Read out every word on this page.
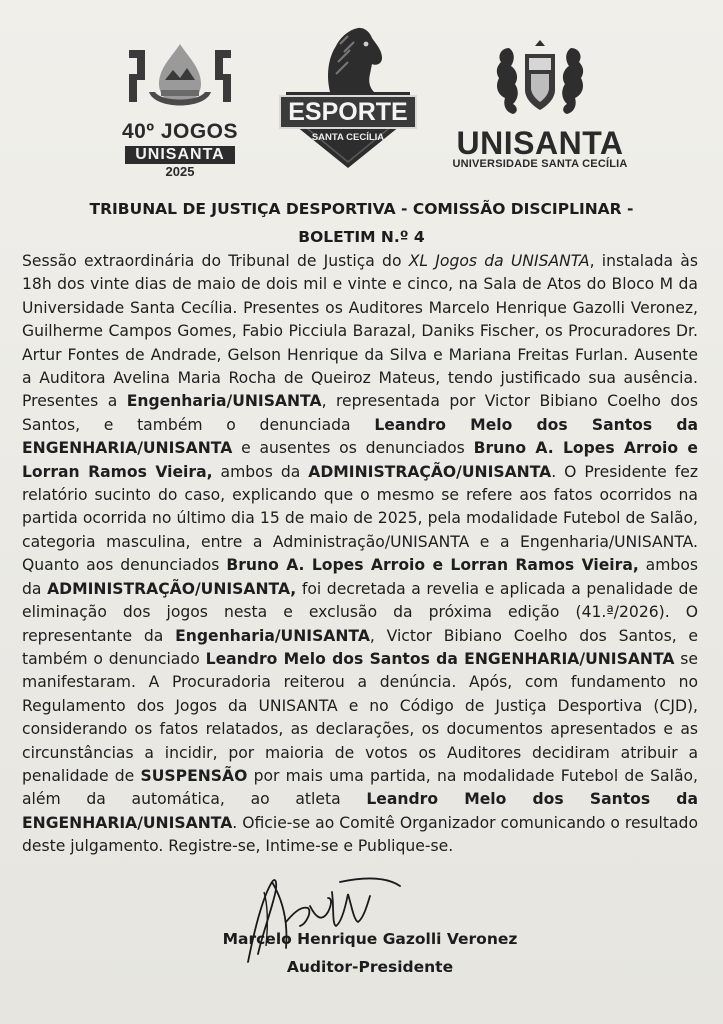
40º JOGOS
UNISANTA
2025
ESPORTE
SANTA CECÍLIA UNISANTA
UNIVERSIDADE SANTA CECÍLIA
TRIBUNAL DE JUSTIÇA DESPORTIVA - COMISSÃO DISCIPLINAR -
BOLETIM N.º 4
Sessão extraordinária do Tribunal de Justiça do XL Jogos da UNISANTA, instalada às 18h dos vinte dias de maio de dois mil e vinte e cinco, na Sala de Atos do Bloco M da Universidade Santa Cecília. Presentes os Auditores Marcelo Henrique Gazolli Veronez, Guilherme Campos Gomes, Fabio Picciula Barazal, Daniks Fischer, os Procuradores Dr. Artur Fontes de Andrade, Gelson Henrique da Silva e Mariana Freitas Furlan. Ausente a Auditora Avelina Maria Rocha de Queiroz Mateus, tendo justificado sua ausência. Presentes a Engenharia/UNISANTA, representada por Victor Bibiano Coelho dos Santos, e também o denunciada Leandro Melo dos Santos da ENGENHARIA/UNISANTA e ausentes os denunciados Bruno A. Lopes Arroio e Lorran Ramos Vieira, ambos da ADMINISTRAÇÃO/UNISANTA. O Presidente fez relatório sucinto do caso, explicando que o mesmo se refere aos fatos ocorridos na partida ocorrida no último dia 15 de maio de 2025, pela modalidade Futebol de Salão, categoria masculina, entre a Administração/UNISANTA e a Engenharia/UNISANTA. Quanto aos denunciados Bruno A. Lopes Arroio e Lorran Ramos Vieira, ambos da ADMINISTRAÇÃO/UNISANTA, foi decretada a revelia e aplicada a penalidade de eliminação dos jogos nesta e exclusão da próxima edição (41.ª/2026). O representante da Engenharia/UNISANTA, Victor Bibiano Coelho dos Santos, e também o denunciado Leandro Melo dos Santos da ENGENHARIA/UNISANTA se manifestaram. A Procuradoria reiterou a denúncia. Após, com fundamento no Regulamento dos Jogos da UNISANTA e no Código de Justiça Desportiva (CJD), considerando os fatos relatados, as declarações, os documentos apresentados e as circunstâncias a incidir, por maioria de votos os Auditores decidiram atribuir a penalidade de SUSPENSÃO por mais uma partida, na modalidade Futebol de Salão, além da automática, ao atleta Leandro Melo dos Santos da ENGENHARIA/UNISANTA. Oficie-se ao Comitê Organizador comunicando o resultado deste julgamento. Registre-se, Intime-se e Publique-se.
Marcelo Henrique Gazolli Veronez
Auditor-Presidente
